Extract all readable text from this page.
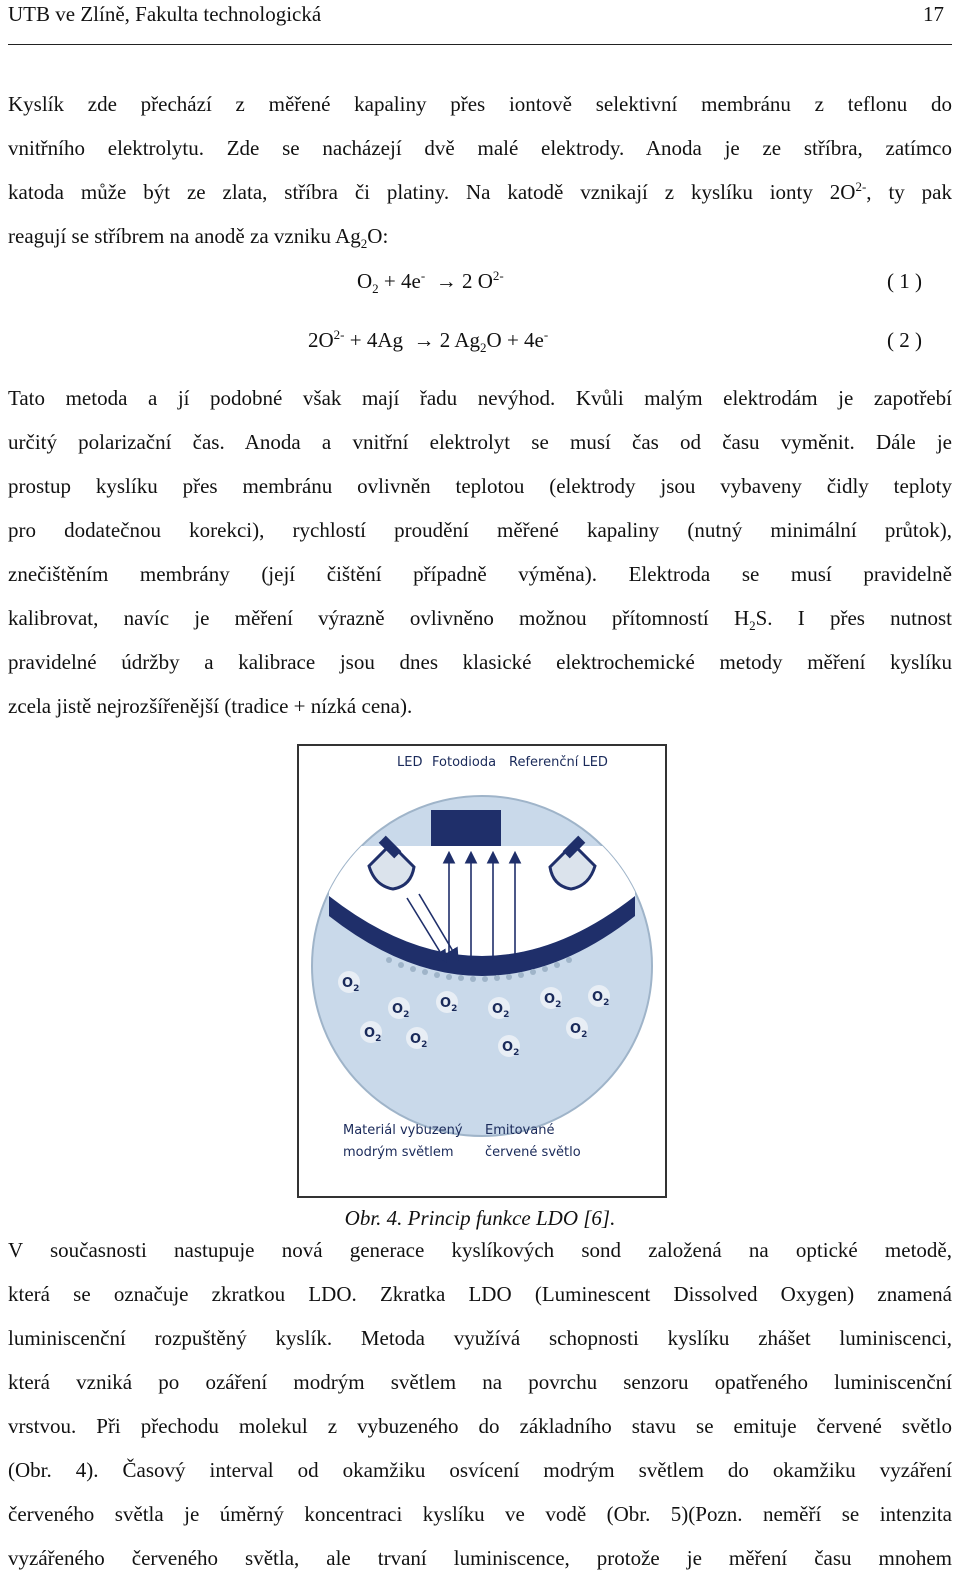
UTB ve Zlíně, Fakulta technologická	17
Kyslík zde přechází z měřené kapaliny přes iontově selektivní membránu z teflonu do
vnitřního elektrolytu. Zde se nacházejí dvě malé elektrody. Anoda je ze stříbra, zatímco
katoda může být ze zlata, stříbra či platiny. Na katodě vznikají z kyslíku ionty $2O^{2-}$, ty pak
reagují se stříbrem na anodě za vzniku $Ag_2O$:
$O_2 + 4e^- \to 2$ $O^{2-}$	( 1 )
$2O^{2-} + 4Ag \to 2$ $Ag_2O + 4e^-$	( 2 )
Tato metoda a jí podobné však mají řadu nevýhod. Kvůli malým elektrodám je zapotřebí
určitý polarizační čas. Anoda a vnitřní elektrolyt se musí čas od času vyměnit. Dále je
prostup kyslíku přes membránu ovlivněn teplotou (elektrody jsou vybaveny čidly teploty
pro dodatečnou korekci), rychlostí proudění měřené kapaliny (nutný minimální průtok),
znečištěním membrány (její čištění případně výměna). Elektroda se musí pravidelně
kalibrovat, navíc je měření výrazně ovlivněno možnou přítomností $H_2S$. I přes nutnost
pravidelné údržby a kalibrace jsou dnes klasické elektrochemické metody měření kyslíku
zcela jistě nejrozšířenější (tradice + nízká cena).
$O_2$
$O_2$
$O_2$
$O_2$ $O_2$
$O_2$
$O_2$ $O_2$
$O_2$
$O_2$
LED Fotodioda Referenční LED
Materiál vybuzený
modrým světlem
Emitované
červené světlo
Obr. 4. Princip funkce LDO [6].
V současnosti nastupuje nová generace kyslíkových sond založená na optické metodě,
která se označuje zkratkou LDO. Zkratka LDO (Luminescent Dissolved Oxygen) znamená
luminiscenční rozpuštěný kyslík. Metoda využívá schopnosti kyslíku zhášet luminiscenci,
která vzniká po ozáření modrým světlem na povrchu senzoru opatřeného luminiscenční
vrstvou. Při přechodu molekul z vybuzeného do základního stavu se emituje červené světlo
(Obr. 4). Časový interval od okamžiku osvícení modrým světlem do okamžiku vyzáření
červeného světla je úměrný koncentraci kyslíku ve vodě (Obr. 5)(Pozn. neměří se intenzita
vyzářeného červeného světla, ale trvaní luminiscence, protože je měření času mnohem
